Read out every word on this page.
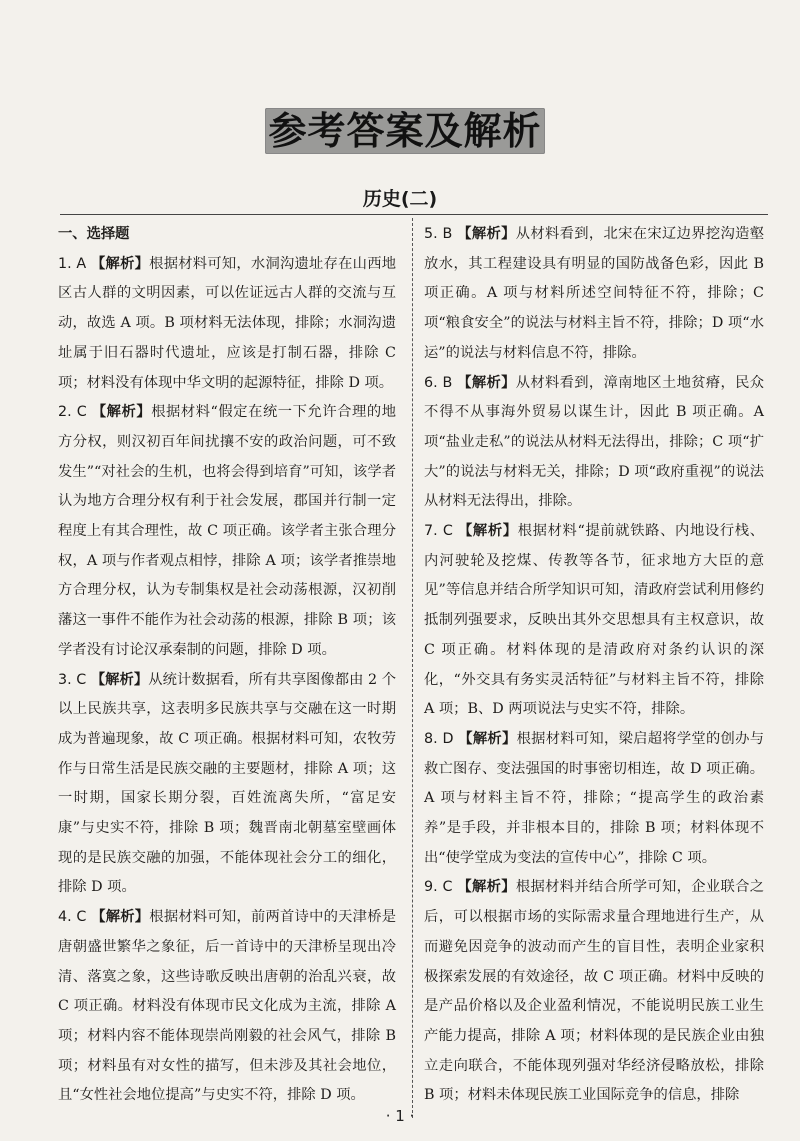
参考答案及解析
历史(二)
一、选择题

1. A 【解析】根据材料可知，水洞沟遗址存在山西地区古人群的文明因素，可以佐证远古人群的交流与互动，故选 A 项。B 项材料无法体现，排除；水洞沟遗址属于旧石器时代遗址，应该是打制石器，排除 C 项；材料没有体现中华文明的起源特征，排除 D 项。

2. C 【解析】根据材料“假定在统一下允许合理的地方分权，则汉初百年间扰攘不安的政治问题，可不致发生”“对社会的生机，也将会得到培育”可知，该学者认为地方合理分权有利于社会发展，郡国并行制一定程度上有其合理性，故 C 项正确。该学者主张合理分权，A 项与作者观点相悖，排除 A 项；该学者推崇地方合理分权，认为专制集权是社会动荡根源，汉初削藩这一事件不能作为社会动荡的根源，排除 B 项；该学者没有讨论汉承秦制的问题，排除 D 项。

3. C 【解析】从统计数据看，所有共享图像都由 2 个以上民族共享，这表明多民族共享与交融在这一时期成为普遍现象，故 C 项正确。根据材料可知，农牧劳作与日常生活是民族交融的主要题材，排除 A 项；这一时期，国家长期分裂，百姓流离失所，“富足安康”与史实不符，排除 B 项；魏晋南北朝墓室壁画体现的是民族交融的加强，不能体现社会分工的细化，排除 D 项。

4. C 【解析】根据材料可知，前两首诗中的天津桥是唐朝盛世繁华之象征，后一首诗中的天津桥呈现出冷清、落寞之象，这些诗歌反映出唐朝的治乱兴衰，故 C 项正确。材料没有体现市民文化成为主流，排除 A 项；材料内容不能体现崇尚刚毅的社会风气，排除 B 项；材料虽有对女性的描写，但未涉及其社会地位，且“女性社会地位提高”与史实不符，排除 D 项。

5. B 【解析】从材料看到，北宋在宋辽边界挖沟造壑放水，其工程建设具有明显的国防战备色彩，因此 B 项正确。A 项与材料所述空间特征不符，排除；C 项“粮食安全”的说法与材料主旨不符，排除；D 项“水运”的说法与材料信息不符，排除。

6. B 【解析】从材料看到，漳南地区土地贫瘠，民众不得不从事海外贸易以谋生计，因此 B 项正确。A 项“盐业走私”的说法从材料无法得出，排除；C 项“扩大”的说法与材料无关，排除；D 项“政府重视”的说法从材料无法得出，排除。

7. C 【解析】根据材料“提前就铁路、内地设行栈、内河驶轮及挖煤、传教等各节，征求地方大臣的意见”等信息并结合所学知识可知，清政府尝试利用修约抵制列强要求，反映出其外交思想具有主权意识，故 C 项正确。材料体现的是清政府对条约认识的深化，“外交具有务实灵活特征”与材料主旨不符，排除 A 项；B、D 两项说法与史实不符，排除。

8. D 【解析】根据材料可知，梁启超将学堂的创办与救亡图存、变法强国的时事密切相连，故 D 项正确。A 项与材料主旨不符，排除；“提高学生的政治素养”是手段，并非根本目的，排除 B 项；材料体现不出“使学堂成为变法的宣传中心”，排除 C 项。

9. C 【解析】根据材料并结合所学可知，企业联合之后，可以根据市场的实际需求量合理地进行生产，从而避免因竞争的波动而产生的盲目性，表明企业家积极探索发展的有效途径，故 C 项正确。材料中反映的是产品价格以及企业盈利情况，不能说明民族工业生产能力提高，排除 A 项；材料体现的是民族企业由独立走向联合，不能体现列强对华经济侵略放松，排除 B 项；材料未体现民族工业国际竞争的信息，排除

· 1 ·
